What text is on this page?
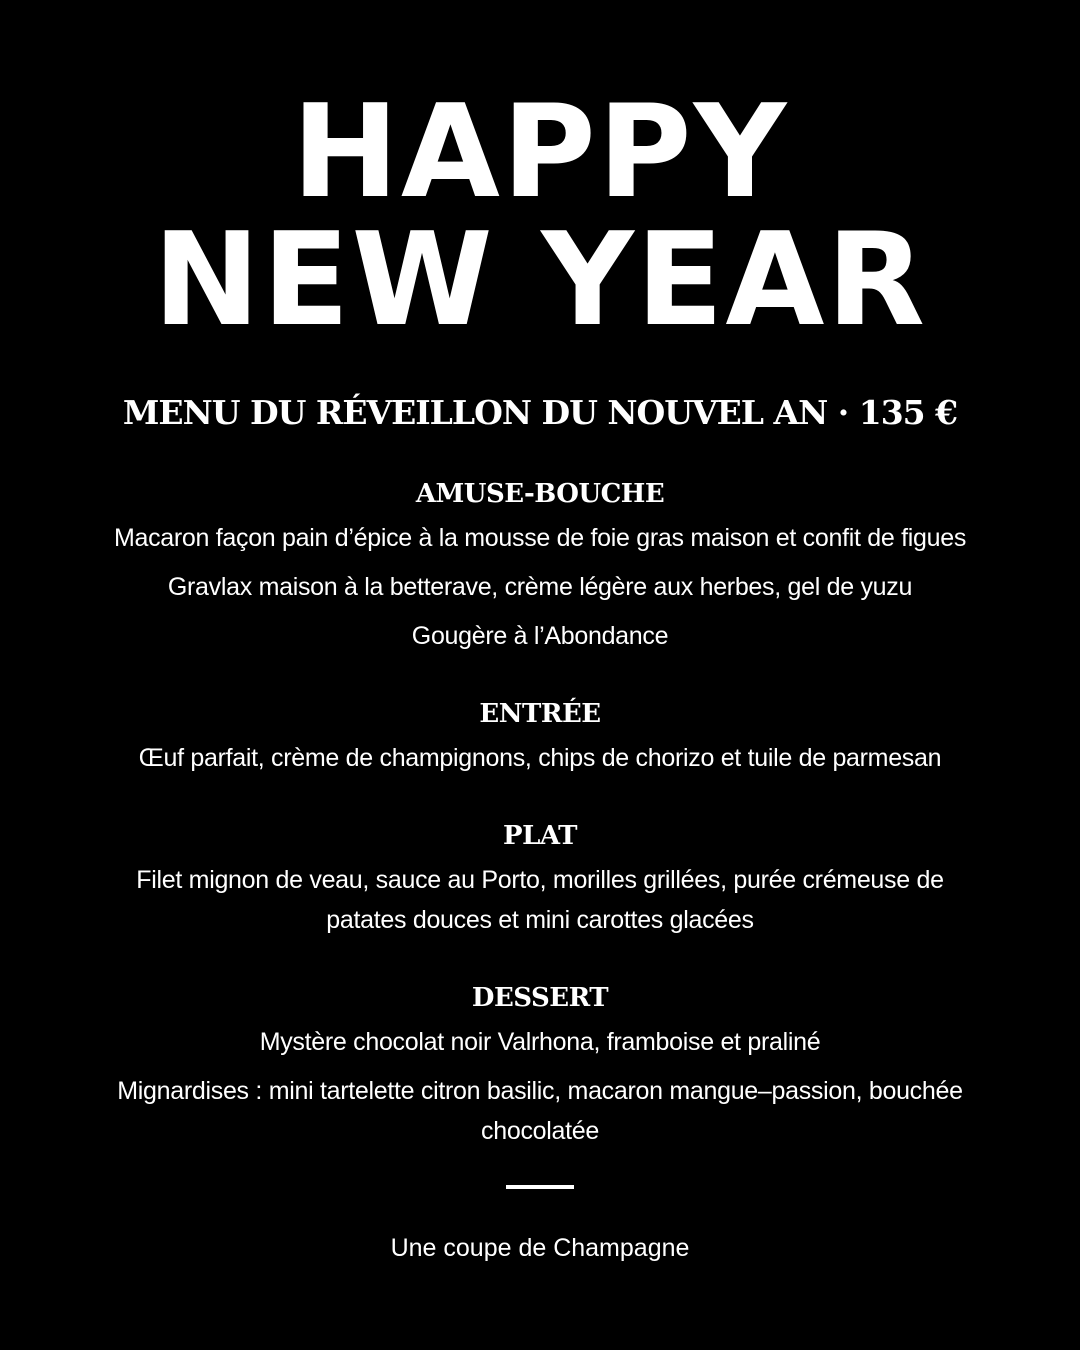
HAPPY
NEW YEAR
MENU DU RÉVEILLON DU NOUVEL AN · 135 €
AMUSE-BOUCHE

Macaron façon pain d’épice à la mousse de foie gras maison et confit de figues

Gravlax maison à la betterave, crème légère aux herbes, gel de yuzu

Gougère à l’Abondance

ENTRÉE

Œuf parfait, crème de champignons, chips de chorizo et tuile de parmesan

PLAT

Filet mignon de veau, sauce au Porto, morilles grillées, purée crémeuse de patates douces et mini carottes glacées

DESSERT

Mystère chocolat noir Valrhona, framboise et praliné

Mignardises : mini tartelette citron basilic, macaron mangue–passion, bouchée chocolatée

Une coupe de Champagne
